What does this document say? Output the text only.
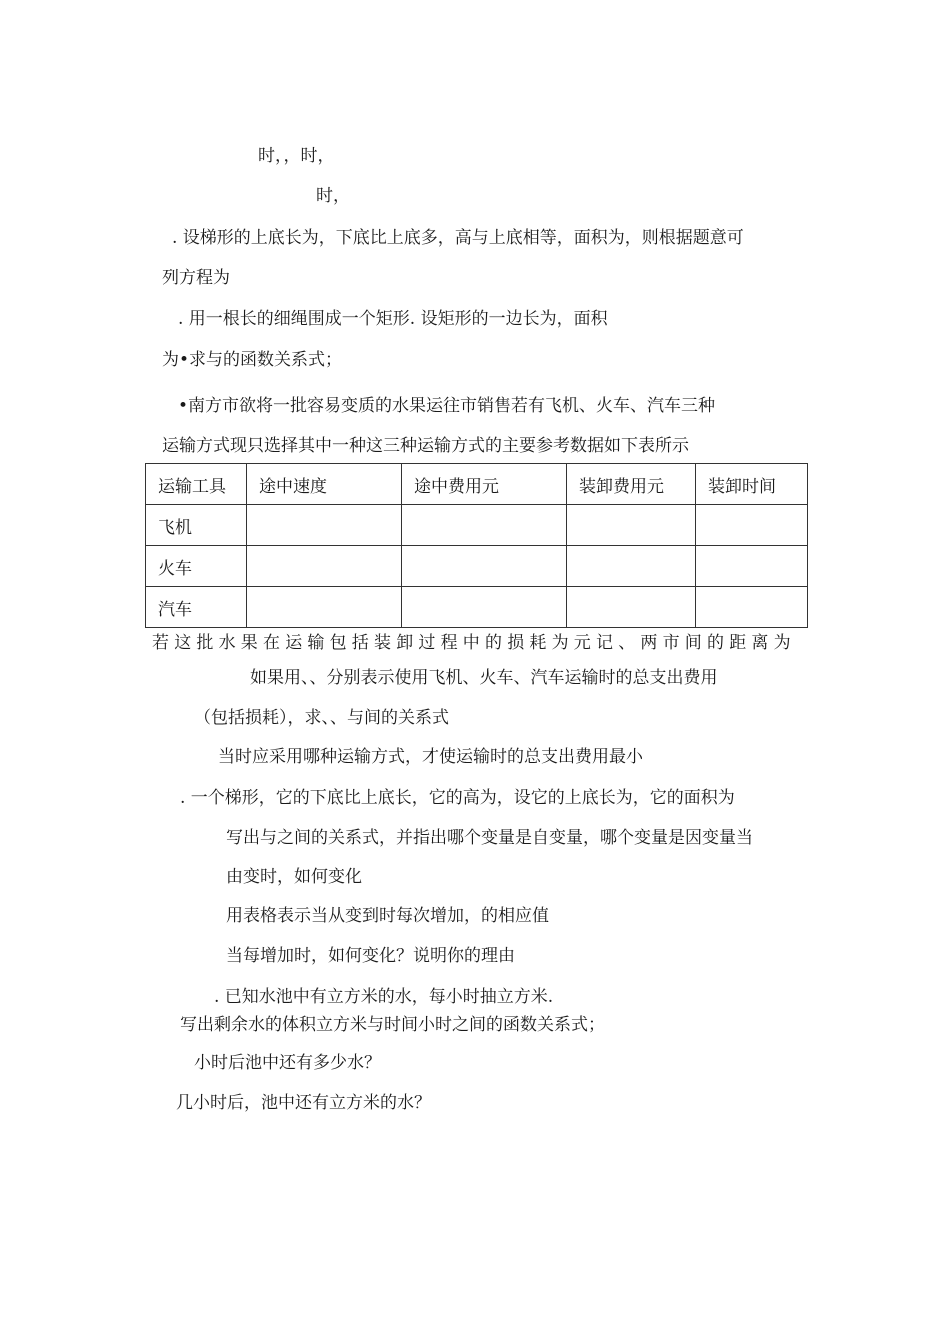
时，，时，
时，
. 设梯形的上底长为，下底比上底多，高与上底相等，面积为，则根据题意可
列方程为
. 用一根长的细绳围成一个矩形. 设矩形的一边长为，面积
为•求与的函数关系式；
•南方市欲将一批容易变质的水果运往市销售若有飞机、火车、汽车三种
运输方式现只选择其中一种这三种运输方式的主要参考数据如下表所示
运输工具	途中速度	途中费用元	装卸费用元	装卸时间
飞机				
火车				
汽车				
若这批水果在运输包括装卸过程中的损耗为元记、两市间的距离为
如果用、、分别表示使用飞机、火车、汽车运输时的总支出费用
（包括损耗），求、、与间的关系式
当时应采用哪种运输方式，才使运输时的总支出费用最小
. 一个梯形，它的下底比上底长，它的高为，设它的上底长为，它的面积为
写出与之间的关系式，并指出哪个变量是自变量，哪个变量是因变量当
由变时，如何变化
用表格表示当从变到时每次增加，的相应值
当每增加时，如何变化？说明你的理由
. 已知水池中有立方米的水，每小时抽立方米.
写出剩余水的体积立方米与时间小时之间的函数关系式；
小时后池中还有多少水？
几小时后，池中还有立方米的水？
